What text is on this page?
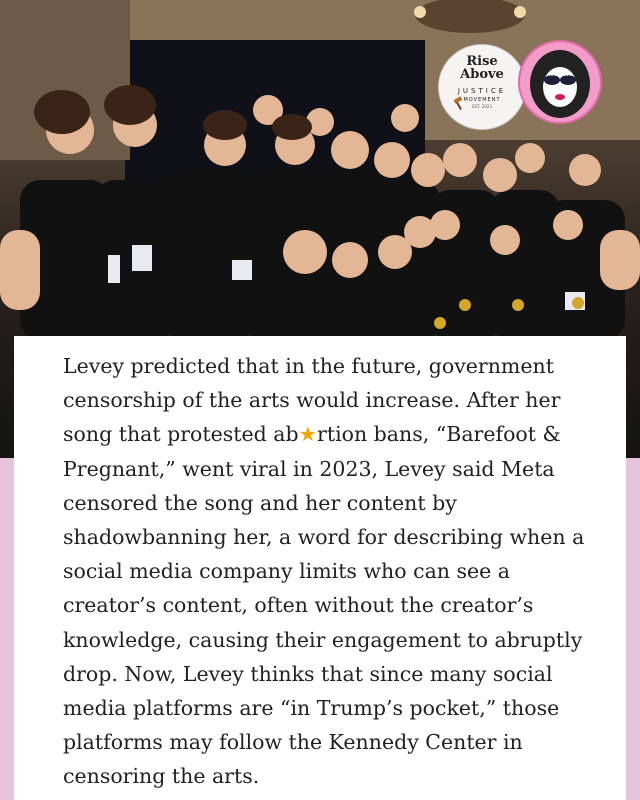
Rise
Above
JUSTICE
MOVEMENT
EST. 2023
Kill Freak

Levey predicted that in the future, government censorship of the arts would increase. After her song that protested ab★rtion bans, “Barefoot & Pregnant,” went viral in 2023, Levey said Meta censored the song and her content by shadowbanning her, a word for describing when a social media company limits who can see a creator’s content, often without the creator’s knowledge, causing their engagement to abruptly drop. Now, Levey thinks that since many social media platforms are “in Trump’s pocket,” those platforms may follow the Kennedy Center in censoring the arts.
